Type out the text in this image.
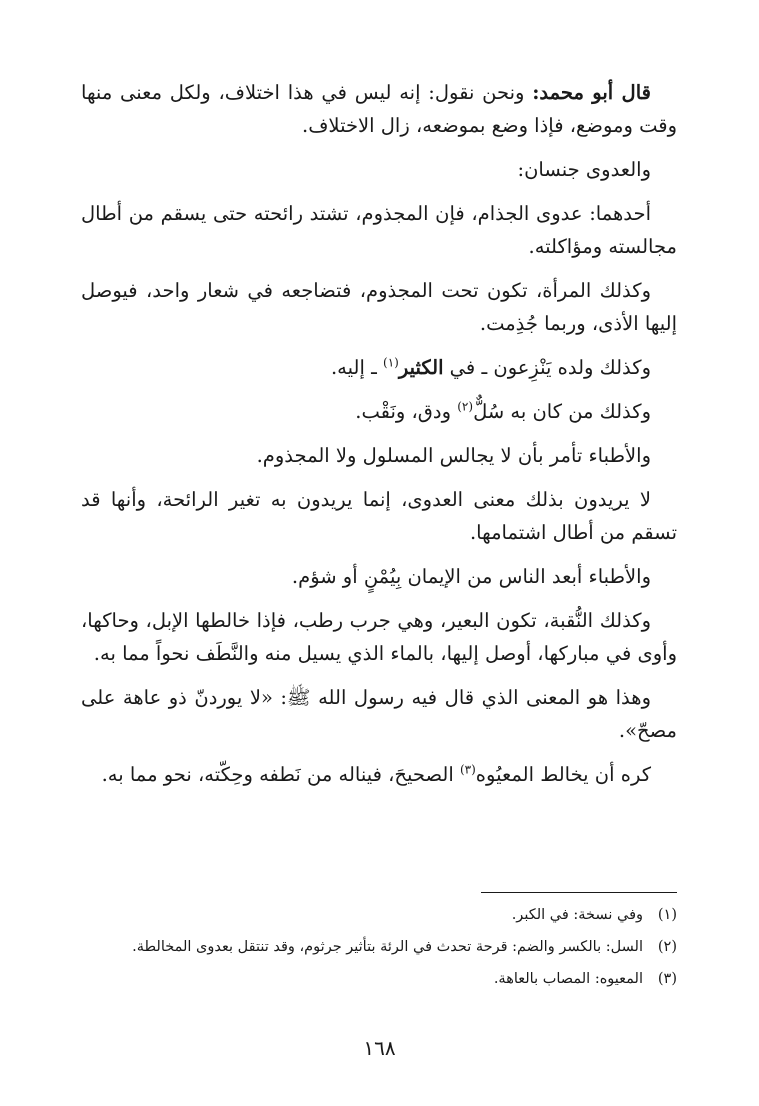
قال أبو محمد: ونحن نقول: إنه ليس في هذا اختلاف، ولكل معنى منها وقت وموضع، فإذا وضع بموضعه، زال الاختلاف.

والعدوى جنسان:

أحدهما: عدوى الجذام، فإن المجذوم، تشتد رائحته حتى يسقم من أطال مجالسته ومؤاكلته.

وكذلك المرأة، تكون تحت المجذوم، فتضاجعه في شعار واحد، فيوصل إليها الأذى، وربما جُذِمت.

وكذلك ولده يَنْزِعون ـ في الكثير$^{(١)}$ ـ إليه.

وكذلك من كان به سُلٌّ$^{(٢)}$ ودق، ونَقْب.

والأطباء تأمر بأن لا يجالس المسلول ولا المجذوم.

لا يريدون بذلك معنى العدوى، إنما يريدون به تغير الرائحة، وأنها قد تسقم من أطال اشتمامها.

والأطباء أبعد الناس من الإيمان بِيُمْنٍ أو شؤم.

وكذلك النُّقبة، تكون البعير، وهي جرب رطب، فإذا خالطها الإبل، وحاكها، وأوى في مباركها، أوصل إليها، بالماء الذي يسيل منه والنَّطَف نحواً مما به.

وهذا هو المعنى الذي قال فيه رسول الله ﷺ: «لا يوردنّ ذو عاهة على مصحّ».

كره أن يخالط المعيُوه$^{(٣)}$ الصحيحَ، فيناله من نَطفه وحِكّته، نحو مما به.

(١)
وفي نسخة: في الكبر.
(٢)
السل: بالكسر والضم: قرحة تحدث في الرئة بتأثير جرثوم، وقد تنتقل بعدوى المخالطة.
(٣)
المعيوه: المصاب بالعاهة.
١٦٨
